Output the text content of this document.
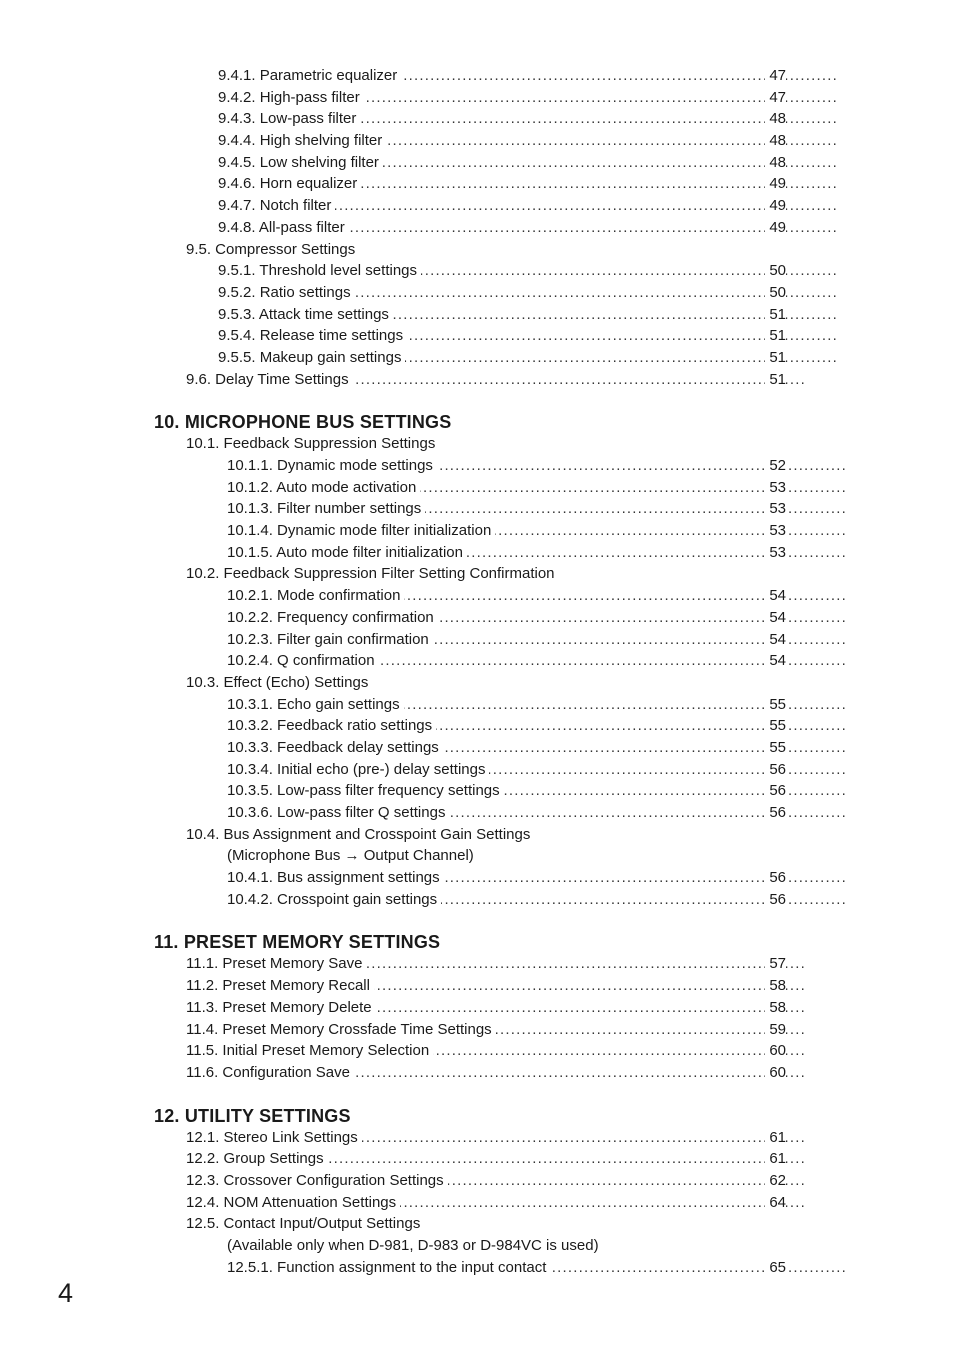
..... 9.4.1. Parametric equalizer	47
..... 9.4.2. High-pass filter	47
..... 9.4.3. Low-pass filter	48
..... 9.4.4. High shelving filter	48
..... 9.4.5. Low shelving filter	48
..... 9.4.6. Horn equalizer	49
..... 9.4.7. Notch filter	49
..... 9.4.8. All-pass filter	49
9.5. Compressor Settings
..... 9.5.1. Threshold level settings	50
..... 9.5.2. Ratio settings	50
..... 9.5.3. Attack time settings	51
..... 9.5.4. Release time settings	51
..... 9.5.5. Makeup gain settings	51
..... 9.6. Delay Time Settings	51
10. MICROPHONE BUS SETTINGS
10.1. Feedback Suppression Settings
..... 10.1.1. Dynamic mode settings	52
..... 10.1.2. Auto mode activation	53
..... 10.1.3. Filter number settings	53
..... 10.1.4. Dynamic mode filter initialization	53
..... 10.1.5. Auto mode filter initialization	53
10.2. Feedback Suppression Filter Setting Confirmation
..... 10.2.1. Mode confirmation	54
..... 10.2.2. Frequency confirmation	54
..... 10.2.3. Filter gain confirmation	54
..... 10.2.4. Q confirmation	54
10.3. Effect (Echo) Settings
..... 10.3.1. Echo gain settings	55
..... 10.3.2. Feedback ratio settings	55
..... 10.3.3. Feedback delay settings	55
..... 10.3.4. Initial echo (pre-) delay settings	56
..... 10.3.5. Low-pass filter frequency settings	56
..... 10.3.6. Low-pass filter Q settings	56
10.4. Bus Assignment and Crosspoint Gain Settings
(Microphone Bus → Output Channel)
..... 10.4.1. Bus assignment settings	56
..... 10.4.2. Crosspoint gain settings	56
11. PRESET MEMORY SETTINGS
..... 11.1. Preset Memory Save	57
..... 11.2. Preset Memory Recall	58
..... 11.3. Preset Memory Delete	58
..... 11.4. Preset Memory Crossfade Time Settings	59
..... 11.5. Initial Preset Memory Selection	60
..... 11.6. Configuration Save	60
12. UTILITY SETTINGS
..... 12.1. Stereo Link Settings	61
..... 12.2. Group Settings	61
..... 12.3. Crossover Configuration Settings	62
..... 12.4. NOM Attenuation Settings	64
12.5. Contact Input/Output Settings
(Available only when D-981, D-983 or D-984VC is used)
..... 12.5.1. Function assignment to the input contact	65
4
